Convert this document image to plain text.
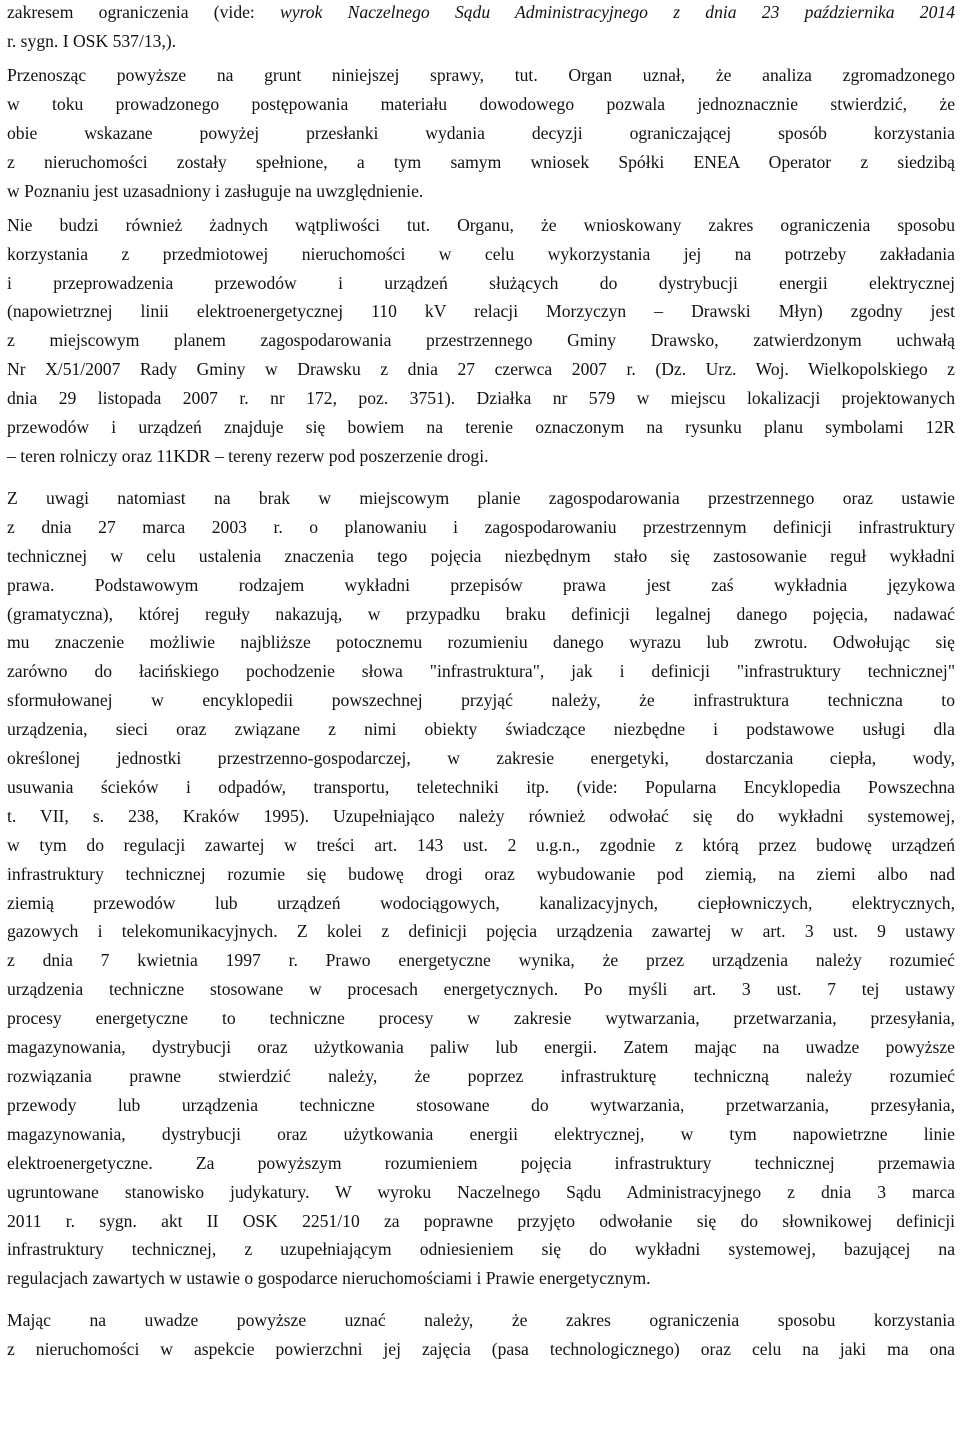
zakresem ograniczenia (vide: wyrok Naczelnego Sądu Administracyjnego z dnia 23 października 2014
r. sygn. I OSK 537/13,).

Przenosząc powyższe na grunt niniejszej sprawy, tut. Organ uznał, że analiza zgromadzonego
w toku prowadzonego postępowania materiału dowodowego pozwala jednoznacznie stwierdzić, że
obie wskazane powyżej przesłanki wydania decyzji ograniczającej sposób korzystania
z nieruchomości zostały spełnione, a tym samym wniosek Spółki ENEA Operator z siedzibą
w Poznaniu jest uzasadniony i zasługuje na uwzględnienie.

Nie budzi również żadnych wątpliwości tut. Organu, że wnioskowany zakres ograniczenia sposobu
korzystania z przedmiotowej nieruchomości w celu wykorzystania jej na potrzeby zakładania
i przeprowadzenia przewodów i urządzeń służących do dystrybucji energii elektrycznej
(napowietrznej linii elektroenergetycznej 110 kV relacji Morzyczyn – Drawski Młyn) zgodny jest
z miejscowym planem zagospodarowania przestrzennego Gminy Drawsko, zatwierdzonym uchwałą
Nr X/51/2007 Rady Gminy w Drawsku z dnia 27 czerwca 2007 r. (Dz. Urz. Woj. Wielkopolskiego z
dnia 29 listopada 2007 r. nr 172, poz. 3751). Działka nr 579 w miejscu lokalizacji projektowanych
przewodów i urządzeń znajduje się bowiem na terenie oznaczonym na rysunku planu symbolami 12R
– teren rolniczy oraz 11KDR – tereny rezerw pod poszerzenie drogi.

Z uwagi natomiast na brak w miejscowym planie zagospodarowania przestrzennego oraz ustawie
z dnia 27 marca 2003 r. o planowaniu i zagospodarowaniu przestrzennym definicji infrastruktury
technicznej w celu ustalenia znaczenia tego pojęcia niezbędnym stało się zastosowanie reguł wykładni
prawa. Podstawowym rodzajem wykładni przepisów prawa jest zaś wykładnia językowa
(gramatyczna), której reguły nakazują, w przypadku braku definicji legalnej danego pojęcia, nadawać
mu znaczenie możliwie najbliższe potocznemu rozumieniu danego wyrazu lub zwrotu. Odwołując się
zarówno do łacińskiego pochodzenie słowa "infrastruktura", jak i definicji "infrastruktury technicznej"
sformułowanej w encyklopedii powszechnej przyjąć należy, że infrastruktura techniczna to
urządzenia, sieci oraz związane z nimi obiekty świadczące niezbędne i podstawowe usługi dla
określonej jednostki przestrzenno-gospodarczej, w zakresie energetyki, dostarczania ciepła, wody,
usuwania ścieków i odpadów, transportu, teletechniki itp. (vide: Popularna Encyklopedia Powszechna
t. VII, s. 238, Kraków 1995). Uzupełniająco należy również odwołać się do wykładni systemowej,
w tym do regulacji zawartej w treści art. 143 ust. 2 u.g.n., zgodnie z którą przez budowę urządzeń
infrastruktury technicznej rozumie się budowę drogi oraz wybudowanie pod ziemią, na ziemi albo nad
ziemią przewodów lub urządzeń wodociągowych, kanalizacyjnych, ciepłowniczych, elektrycznych,
gazowych i telekomunikacyjnych. Z kolei z definicji pojęcia urządzenia zawartej w art. 3 ust. 9 ustawy
z dnia 7 kwietnia 1997 r. Prawo energetyczne wynika, że przez urządzenia należy rozumieć
urządzenia techniczne stosowane w procesach energetycznych. Po myśli art. 3 ust. 7 tej ustawy
procesy energetyczne to techniczne procesy w zakresie wytwarzania, przetwarzania, przesyłania,
magazynowania, dystrybucji oraz użytkowania paliw lub energii. Zatem mając na uwadze powyższe
rozwiązania prawne stwierdzić należy, że poprzez infrastrukturę techniczną należy rozumieć
przewody lub urządzenia techniczne stosowane do wytwarzania, przetwarzania, przesyłania,
magazynowania, dystrybucji oraz użytkowania energii elektrycznej, w tym napowietrzne linie
elektroenergetyczne. Za powyższym rozumieniem pojęcia infrastruktury technicznej przemawia
ugruntowane stanowisko judykatury. W wyroku Naczelnego Sądu Administracyjnego z dnia 3 marca
2011 r. sygn. akt II OSK 2251/10 za poprawne przyjęto odwołanie się do słownikowej definicji
infrastruktury technicznej, z uzupełniającym odniesieniem się do wykładni systemowej, bazującej na
regulacjach zawartych w ustawie o gospodarce nieruchomościami i Prawie energetycznym.

Mając na uwadze powyższe uznać należy, że zakres ograniczenia sposobu korzystania
z nieruchomości w aspekcie powierzchni jej zajęcia (pasa technologicznego) oraz celu na jaki ma ona
